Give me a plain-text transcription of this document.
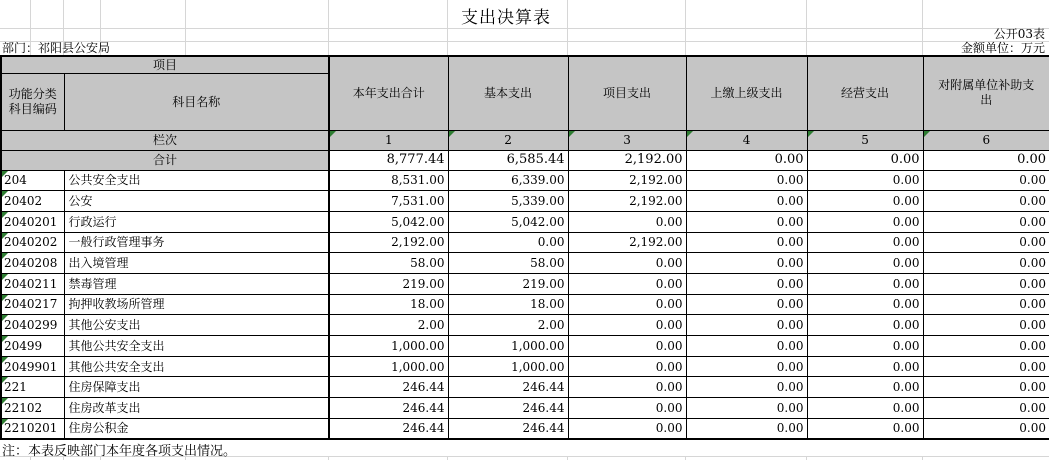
支出决算表
公开03表
部门：祁阳县公安局	金额单位：万元
项目		本年支出合计	基本支出	项目支出	上缴上级支出	经营支出	对附属单位补助支出
功能分类科目编码	科目名称						
栏次		1	2	3	4	5	6
合计		8,777.44	6,585.44	2,192.00	0.00	0.00	0.00

204	公共安全支出	8,531.00	6,339.00	2,192.00	0.00	0.00	0.00

20402	公安	7,531.00	5,339.00	2,192.00	0.00	0.00	0.00

2040201	行政运行	5,042.00	5,042.00	0.00	0.00	0.00	0.00

2040202	一般行政管理事务	2,192.00	0.00	2,192.00	0.00	0.00	0.00

2040208	出入境管理	58.00	58.00	0.00	0.00	0.00	0.00

2040211	禁毒管理	219.00	219.00	0.00	0.00	0.00	0.00

2040217	拘押收教场所管理	18.00	18.00	0.00	0.00	0.00	0.00

2040299	其他公安支出	2.00	2.00	0.00	0.00	0.00	0.00

20499	其他公共安全支出	1,000.00	1,000.00	0.00	0.00	0.00	0.00

2049901	其他公共安全支出	1,000.00	1,000.00	0.00	0.00	0.00	0.00

221	住房保障支出	246.44	246.44	0.00	0.00	0.00	0.00

22102	住房改革支出	246.44	246.44	0.00	0.00	0.00	0.00

2210201	住房公积金	246.44	246.44	0.00	0.00	0.00	0.00
注：本表反映部门本年度各项支出情况。
